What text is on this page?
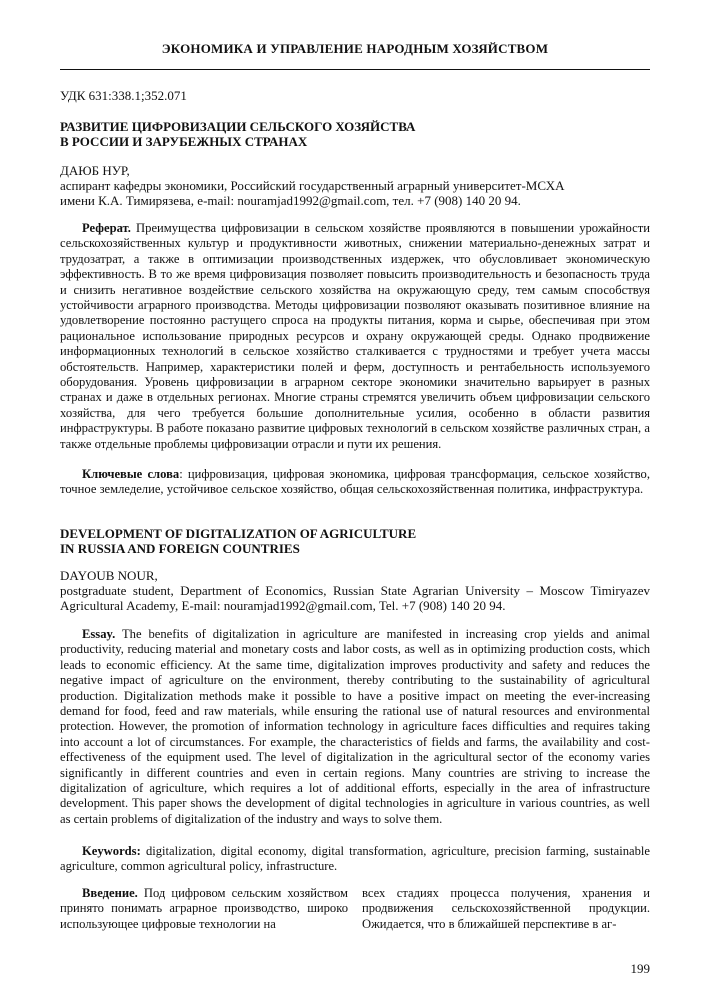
ЭКОНОМИКА И УПРАВЛЕНИЕ НАРОДНЫМ ХОЗЯЙСТВОМ
УДК 631:338.1;352.071
РАЗВИТИЕ ЦИФРОВИЗАЦИИ СЕЛЬСКОГО ХОЗЯЙСТВА
В РОССИИ И ЗАРУБЕЖНЫХ СТРАНАХ
ДАЮБ НУР,
аспирант кафедры экономики, Российский государственный аграрный университет-МСХА
имени К.А. Тимирязева, e-mail: nouramjad1992@gmail.com, тел. +7 (908) 140 20 94.
Реферат. Преимущества цифровизации в сельском хозяйстве проявляются в повышении урожайности сельскохозяйственных культур и продуктивности животных, снижении материально-денежных затрат и трудозатрат, а также в оптимизации производственных издержек, что обусловливает экономическую эффективность. В то же время цифровизация позволяет повысить производительность и безопасность труда и снизить негативное воздействие сельского хозяйства на окружающую среду, тем самым способствуя устойчивости аграрного производства. Методы цифровизации позволяют оказывать позитивное влияние на удовлетворение постоянно растущего спроса на продукты питания, корма и сырье, обеспечивая при этом рациональное использование природных ресурсов и охрану окружающей среды. Однако продвижение информационных технологий в сельское хозяйство сталкивается с трудностями и требует учета массы обстоятельств. Например, характеристики полей и ферм, доступность и рентабельность используемого оборудования. Уровень цифровизации в аграрном секторе экономики значительно варьирует в разных странах и даже в отдельных регионах. Многие страны стремятся увеличить объем цифровизации сельского хозяйства, для чего требуется большие дополнительные усилия, особенно в области развития инфраструктуры. В работе показано развитие цифровых технологий в сельском хозяйстве различных стран, а также отдельные проблемы цифровизации отрасли и пути их решения.
Ключевые слова: цифровизация, цифровая экономика, цифровая трансформация, сельское хозяйство, точное земледелие, устойчивое сельское хозяйство, общая сельскохозяйственная политика, инфраструктура.
DEVELOPMENT OF DIGITALIZATION OF AGRICULTURE
IN RUSSIA AND FOREIGN COUNTRIES
DAYOUB NOUR,
postgraduate student, Department of Economics, Russian State Agrarian University – Moscow Timiryazev Agricultural Academy, E-mail: nouramjad1992@gmail.com, Tel. +7 (908) 140 20 94.
Essay. The benefits of digitalization in agriculture are manifested in increasing crop yields and animal productivity, reducing material and monetary costs and labor costs, as well as in optimizing production costs, which leads to economic efficiency. At the same time, digitalization improves productivity and safety and reduces the negative impact of agriculture on the environment, thereby contributing to the sustainability of agricultural production. Digitalization methods make it possible to have a positive impact on meeting the ever-increasing demand for food, feed and raw materials, while ensuring the rational use of natural resources and environmental protection. However, the promotion of information technology in agriculture faces difficulties and requires taking into account a lot of circumstances. For example, the characteristics of fields and farms, the availability and cost-effectiveness of the equipment used. The level of digitalization in the agricultural sector of the economy varies significantly in different countries and even in certain regions. Many countries are striving to increase the digitalization of agriculture, which requires a lot of additional efforts, especially in the area of infrastructure development. This paper shows the development of digital technologies in agriculture in various countries, as well as certain problems of digitalization of the industry and ways to solve them.
Keywords: digitalization, digital economy, digital transformation, agriculture, precision farming, sustainable agriculture, common agricultural policy, infrastructure.
Введение. Под цифровом сельским хозяйством принято понимать аграрное производство, широко использующее цифровые технологии на
всех стадиях процесса получения, хранения и продвижения сельскохозяйственной продукции. Ожидается, что в ближайшей перспективе в аг-
199
